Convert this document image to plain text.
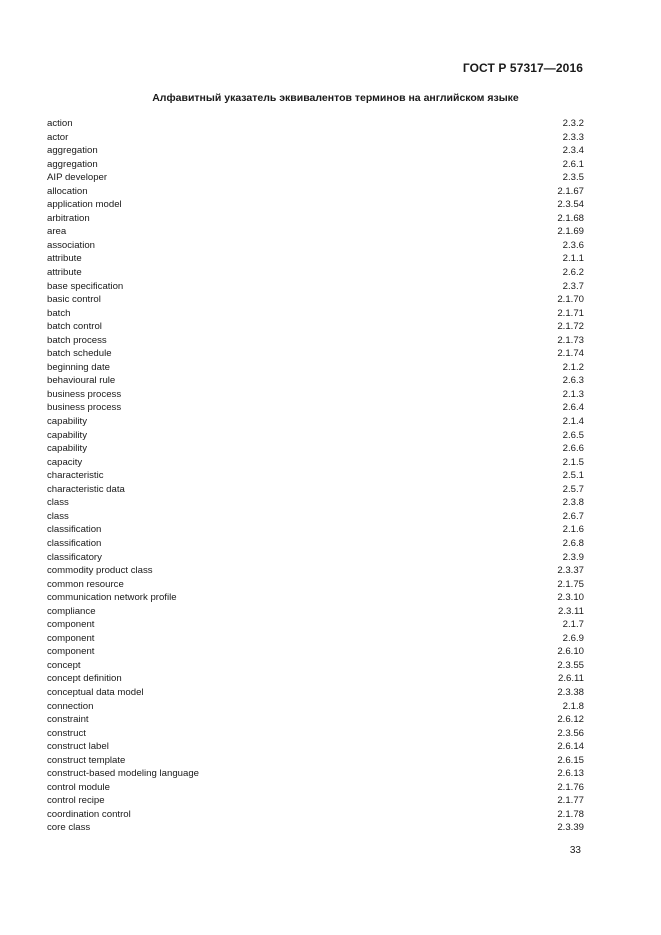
ГОСТ Р 57317—2016
Алфавитный указатель эквивалентов терминов на английском языке
action	2.3.2
actor	2.3.3
aggregation	2.3.4
aggregation	2.6.1
AIP developer	2.3.5
allocation	2.1.67
application model	2.3.54
arbitration	2.1.68
area	2.1.69
association	2.3.6
attribute	2.1.1
attribute	2.6.2
base specification	2.3.7
basic control	2.1.70
batch	2.1.71
batch control	2.1.72
batch process	2.1.73
batch schedule	2.1.74
beginning date	2.1.2
behavioural rule	2.6.3
business process	2.1.3
business process	2.6.4
capability	2.1.4
capability	2.6.5
capability	2.6.6
capacity	2.1.5
characteristic	2.5.1
characteristic data	2.5.7
class	2.3.8
class	2.6.7
classification	2.1.6
classification	2.6.8
classificatory	2.3.9
commodity product class	2.3.37
common resource	2.1.75
communication network profile	2.3.10
compliance	2.3.11
component	2.1.7
component	2.6.9
component	2.6.10
concept	2.3.55
concept definition	2.6.11
conceptual data model	2.3.38
connection	2.1.8
constraint	2.6.12
construct	2.3.56
construct label	2.6.14
construct template	2.6.15
construct-based modeling language	2.6.13
control module	2.1.76
control recipe	2.1.77
coordination control	2.1.78
core class	2.3.39
33
